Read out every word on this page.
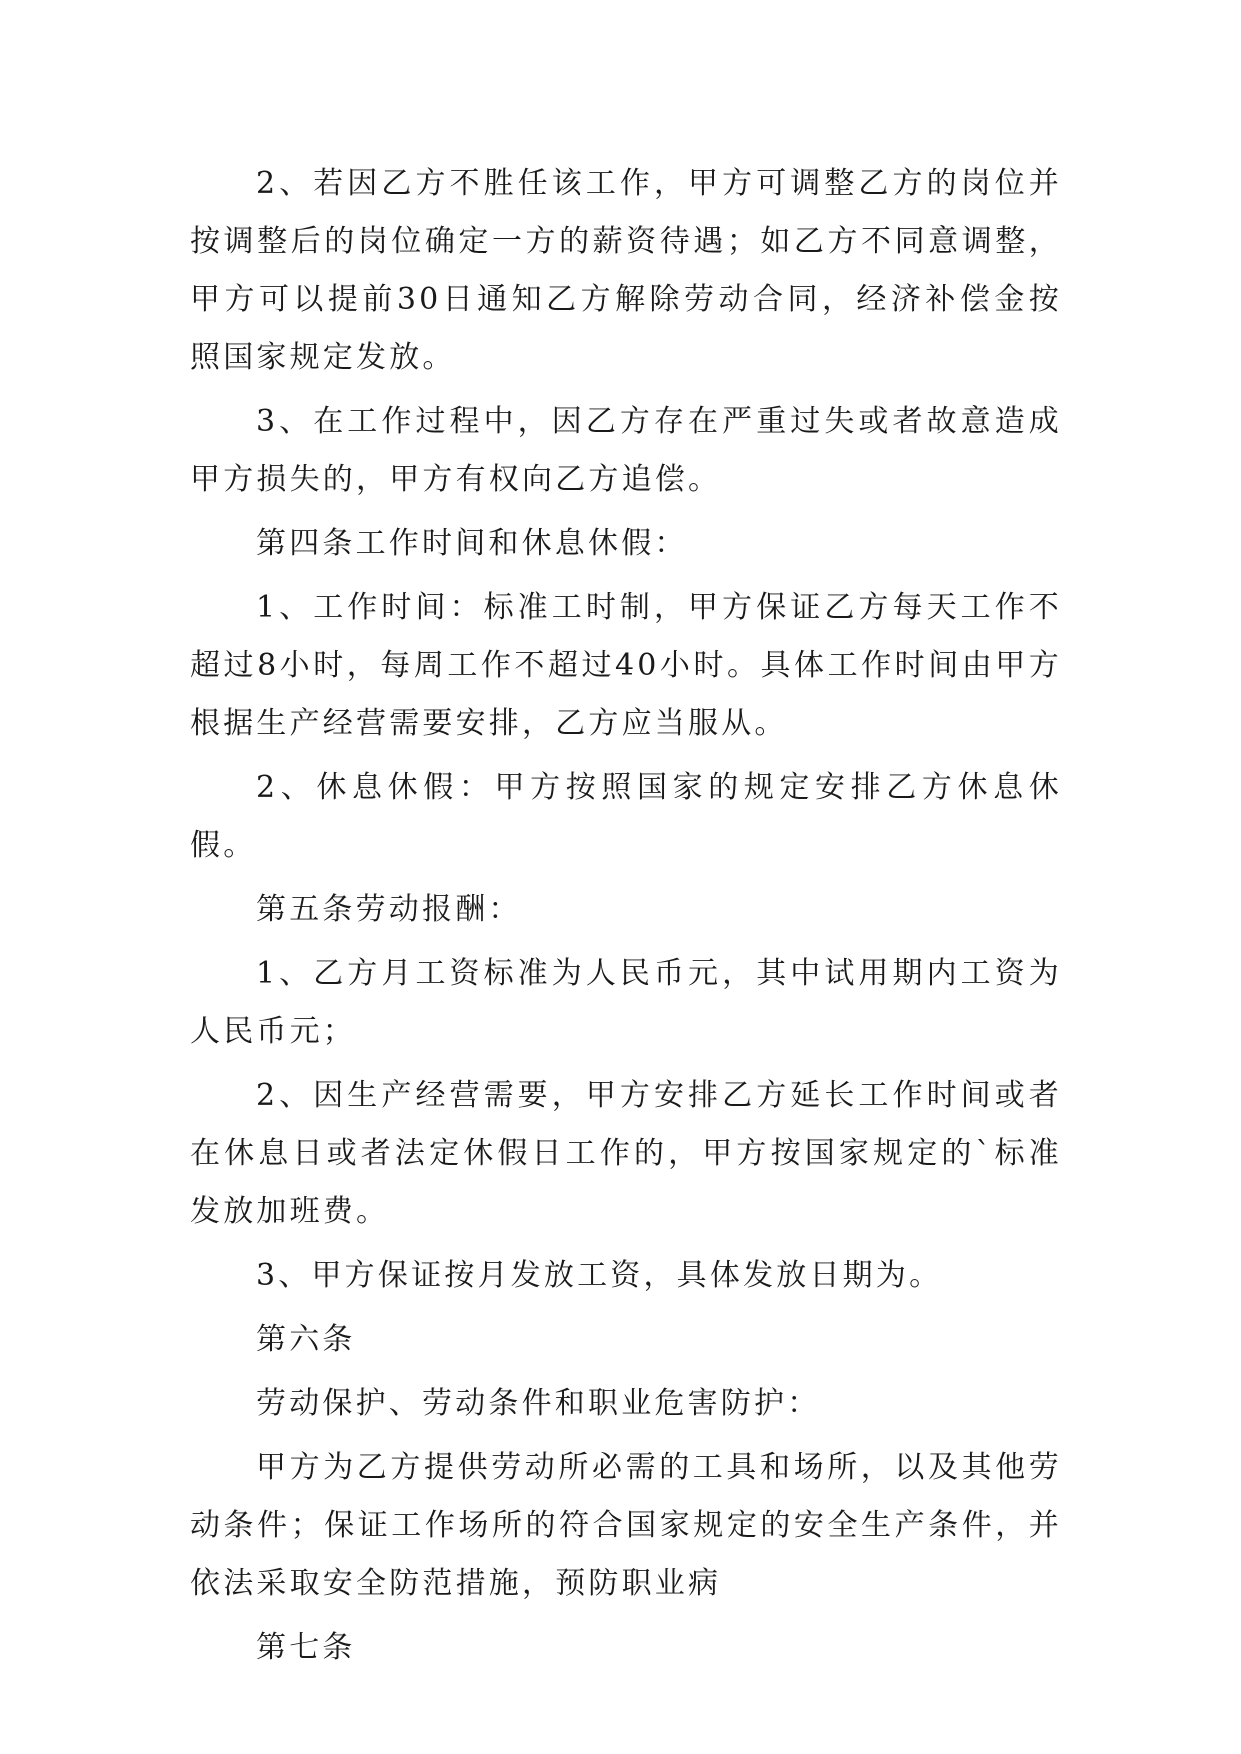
2、若因乙方不胜任该工作，甲方可调整乙方的岗位并按调整后的岗位确定一方的薪资待遇；如乙方不同意调整，甲方可以提前30日通知乙方解除劳动合同，经济补偿金按照国家规定发放。

3、在工作过程中，因乙方存在严重过失或者故意造成甲方损失的，甲方有权向乙方追偿。

第四条工作时间和休息休假：

1、工作时间：标准工时制，甲方保证乙方每天工作不超过8小时，每周工作不超过40小时。具体工作时间由甲方根据生产经营需要安排，乙方应当服从。

2、休息休假：甲方按照国家的规定安排乙方休息休假。

第五条劳动报酬：

1、乙方月工资标准为人民币元，其中试用期内工资为人民币元；

2、因生产经营需要，甲方安排乙方延长工作时间或者在休息日或者法定休假日工作的，甲方按国家规定的`标准发放加班费。

3、甲方保证按月发放工资，具体发放日期为。

第六条

劳动保护、劳动条件和职业危害防护：

甲方为乙方提供劳动所必需的工具和场所，以及其他劳动条件；保证工作场所的符合国家规定的安全生产条件，并依法采取安全防范措施，预防职业病

第七条
